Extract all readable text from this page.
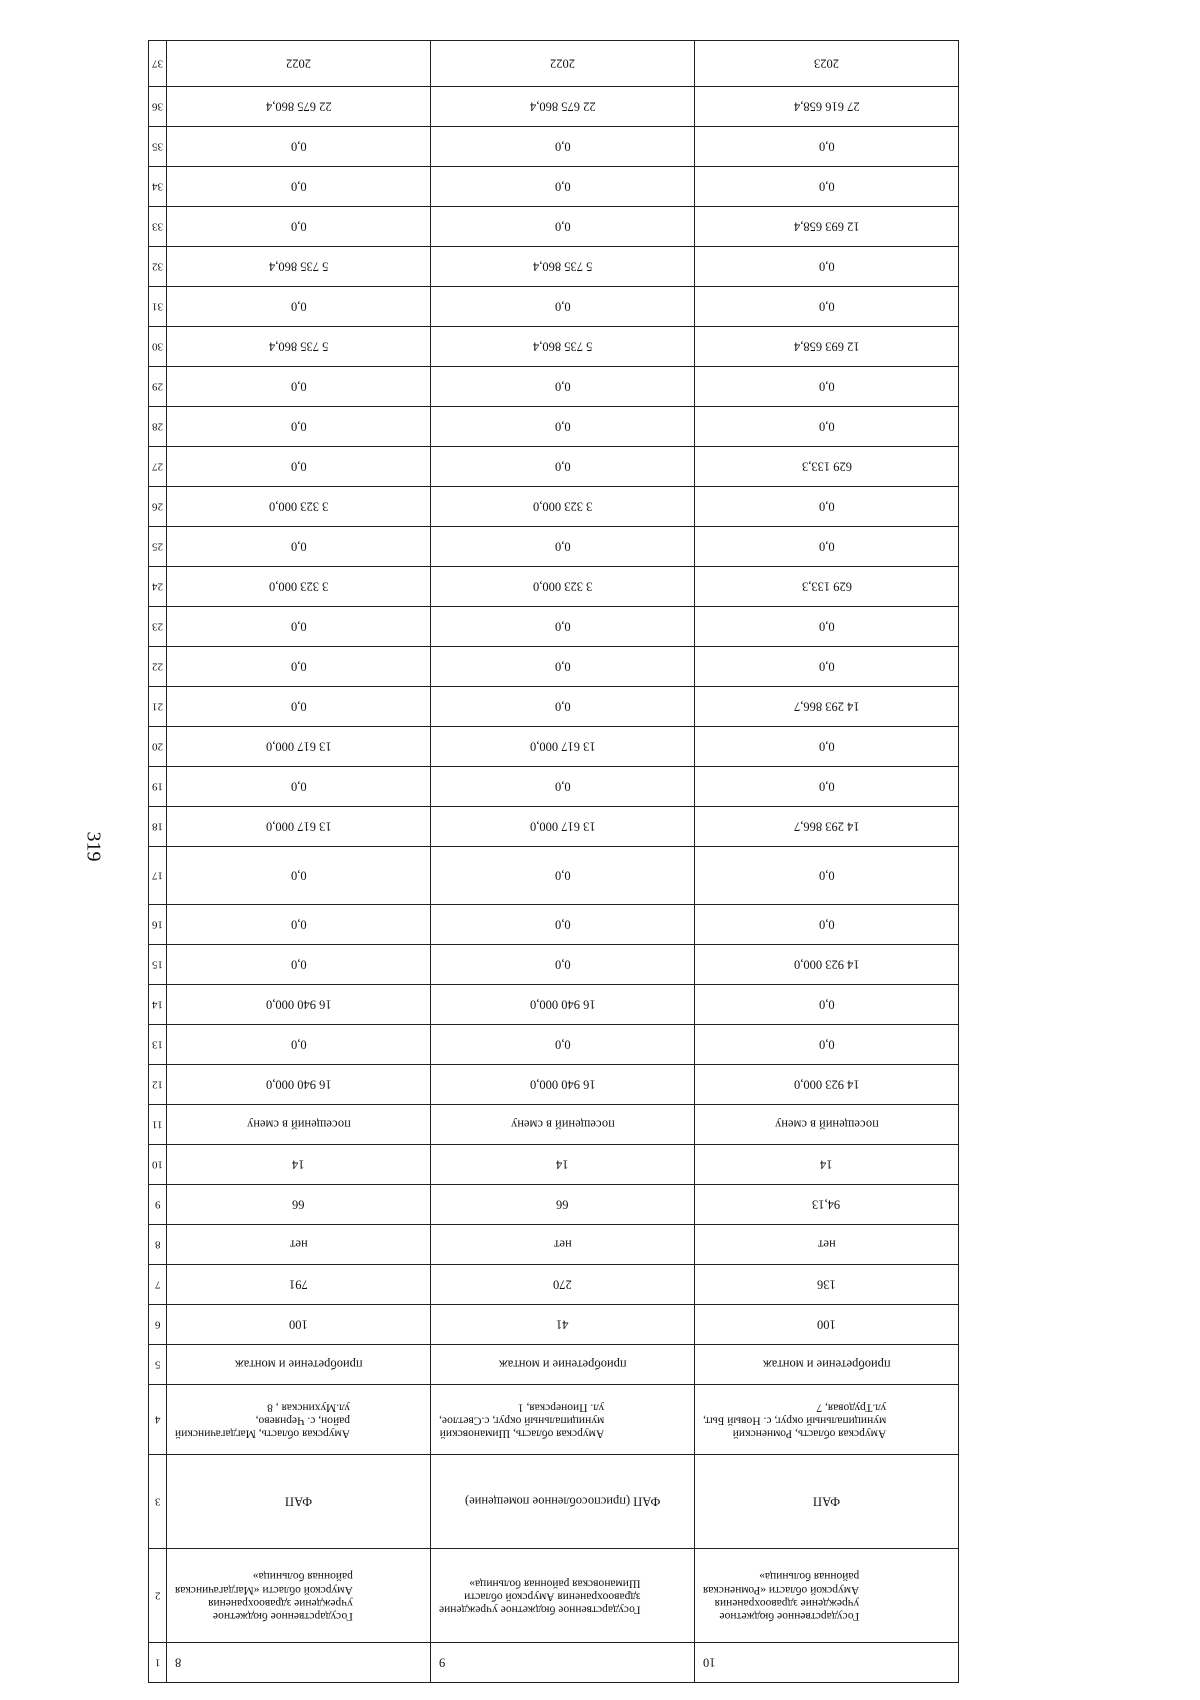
319
37	2022	2022	2023

36	22 675 860,4	22 675 860,4	27 616 658,4

35	0,0	0,0	0,0

34	0,0	0,0	0,0

33	0,0	0,0	12 693 658,4

32	5 735 860,4	5 735 860,4	0,0

31	0,0	0,0	0,0

30	5 735 860,4	5 735 860,4	12 693 658,4

29	0,0	0,0	0,0

28	0,0	0,0	0,0

27	0,0	0,0	629 133,3

26	3 323 000,0	3 323 000,0	0,0

25	0,0	0,0	0,0

24	3 323 000,0	3 323 000,0	629 133,3

23	0,0	0,0	0,0

22	0,0	0,0	0,0

21	0,0	0,0	14 293 866,7

20	13 617 000,0	13 617 000,0	0,0

19	0,0	0,0	0,0

18	13 617 000,0	13 617 000,0	14 293 866,7

17	0,0	0,0	0,0

16	0,0	0,0	0,0

15	0,0	0,0	14 923 000,0

14	16 940 000,0	16 940 000,0	0,0

13	0,0	0,0	0,0

12	16 940 000,0	16 940 000,0	14 923 000,0

11	посещений в смену	посещений в смену	посещений в смену

10	14	14	14

9	66	66	94,13

8	нет	нет	нет

7	791	270	136

6	100	41	100

5	приобретение и монтаж	приобретение и монтаж	приобретение и монтаж

4	Амурская область, Магдагачинский
район, с. Черняево,
ул.Мухинская , 8	Амурская область, Шимановский
муниципальный округ, с.Светлое,
ул. Пионерская, 1	Амурская область, Ромненский
муниципальный округ, с. Новый Быт,
ул.Трудовая, 7

3	ФАП	ФАП (приспособленное помещение)	ФАП

2	Государственное бюджетное
учреждение здравоохранения
Амурской области «Магдагачинская
районная больница»	Государственное бюджетное учреждение
здравоохранения Амурской области
Шимановская районная больница»	Государственное бюджетное
учреждение здравоохранения
Амурской области «Ромненская
районная больница»

1	8	9	10
